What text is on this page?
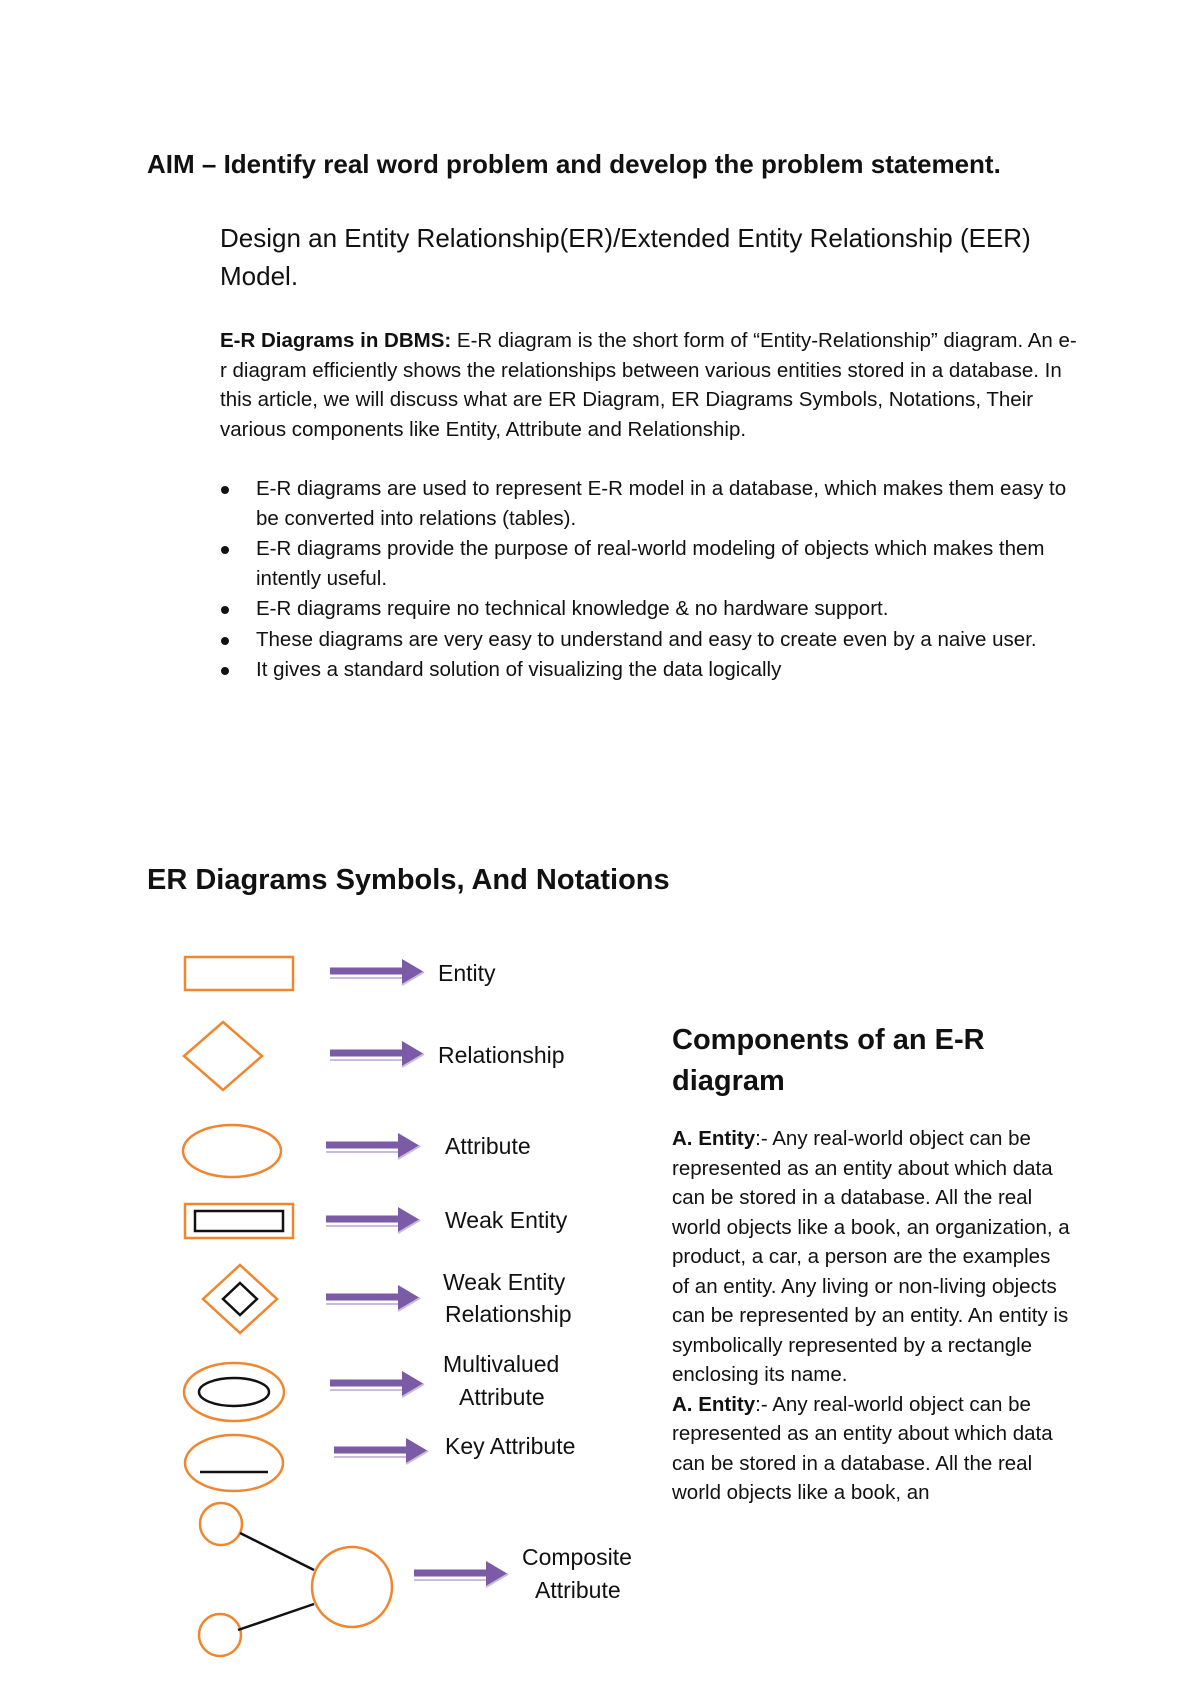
AIM – Identify real word problem and develop the problem statement.

Design an Entity Relationship(ER)/Extended Entity Relationship (EER) Model.

E-R Diagrams in DBMS: E-R diagram is the short form of “Entity-Relationship” diagram. An e-r diagram efficiently shows the relationships between various entities stored in a database. In this article, we will discuss what are ER Diagram, ER Diagrams Symbols, Notations, Their various components like Entity, Attribute and Relationship.

E-R diagrams are used to represent E-R model in a database, which makes them easy to be converted into relations (tables).
E-R diagrams provide the purpose of real-world modeling of objects which makes them intently useful.
E-R diagrams require no technical knowledge & no hardware support.
These diagrams are very easy to understand and easy to create even by a naive user.
It gives a standard solution of visualizing the data logically
ER Diagrams Symbols, And Notations
Entity
Relationship
Attribute
Weak Entity
Weak Entity
Relationship
Multivalued
Attribute
Key Attribute
Composite
Attribute
Components of an E-R diagram

A. Entity:- Any real-world object can be represented as an entity about which data can be stored in a database. All the real world objects like a book, an organization, a product, a car, a person are the examples of an entity. Any living or non-living objects can be represented by an entity. An entity is symbolically represented by a rectangle enclosing its name.

A. Entity:- Any real-world object can be represented as an entity about which data can be stored in a database. All the real world objects like a book, an
